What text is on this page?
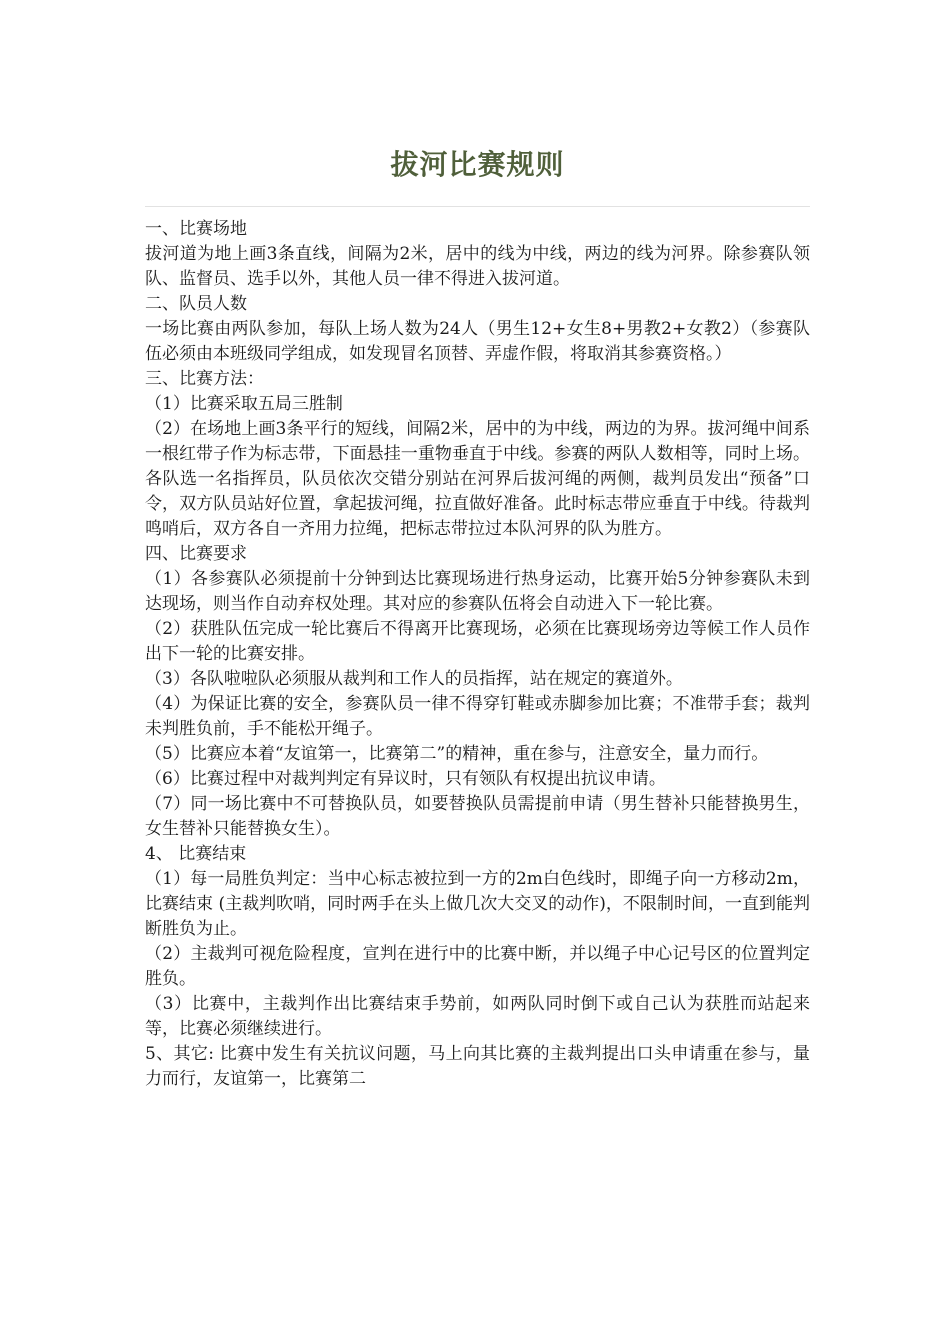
拔河比赛规则

一、比赛场地

拔河道为地上画3条直线，间隔为2米，居中的线为中线，两边的线为河界。除参赛队领队、监督员、选手以外，其他人员一律不得进入拔河道。

二、队员人数

一场比赛由两队参加，每队上场人数为24人（男生12+女生8+男教2+女教2）（参赛队伍必须由本班级同学组成，如发现冒名顶替、弄虚作假，将取消其参赛资格。）

三、比赛方法：

（1）比赛采取五局三胜制

（2）在场地上画3条平行的短线，间隔2米，居中的为中线，两边的为界。拔河绳中间系一根红带子作为标志带，下面悬挂一重物垂直于中线。参赛的两队人数相等，同时上场。各队选一名指挥员，队员依次交错分别站在河界后拔河绳的两侧，裁判员发出“预备”口令，双方队员站好位置，拿起拔河绳，拉直做好准备。此时标志带应垂直于中线。待裁判鸣哨后，双方各自一齐用力拉绳，把标志带拉过本队河界的队为胜方。

四、比赛要求

（1）各参赛队必须提前十分钟到达比赛现场进行热身运动，比赛开始5分钟参赛队未到达现场，则当作自动弃权处理。其对应的参赛队伍将会自动进入下一轮比赛。

（2）获胜队伍完成一轮比赛后不得离开比赛现场，必须在比赛现场旁边等候工作人员作出下一轮的比赛安排。

（3）各队啦啦队必须服从裁判和工作人的员指挥，站在规定的赛道外。

（4）为保证比赛的安全，参赛队员一律不得穿钉鞋或赤脚参加比赛；不准带手套；裁判未判胜负前，手不能松开绳子。

（5）比赛应本着“友谊第一，比赛第二”的精神，重在参与，注意安全，量力而行。

（6）比赛过程中对裁判判定有异议时，只有领队有权提出抗议申请。

（7）同一场比赛中不可替换队员，如要替换队员需提前申请（男生替补只能替换男生，女生替补只能替换女生）。

4、 比赛结束

（1）每一局胜负判定：当中心标志被拉到一方的2m白色线时，即绳子向一方移动2m，比赛结束 (主裁判吹哨，同时两手在头上做几次大交叉的动作)，不限制时间，一直到能判断胜负为止。

（2）主裁判可视危险程度，宣判在进行中的比赛中断，并以绳子中心记号区的位置判定胜负。

（3）比赛中，主裁判作出比赛结束手势前，如两队同时倒下或自己认为获胜而站起来等，比赛必须继续进行。

5、其它: 比赛中发生有关抗议问题，马上向其比赛的主裁判提出口头申请重在参与，量力而行，友谊第一，比赛第二
